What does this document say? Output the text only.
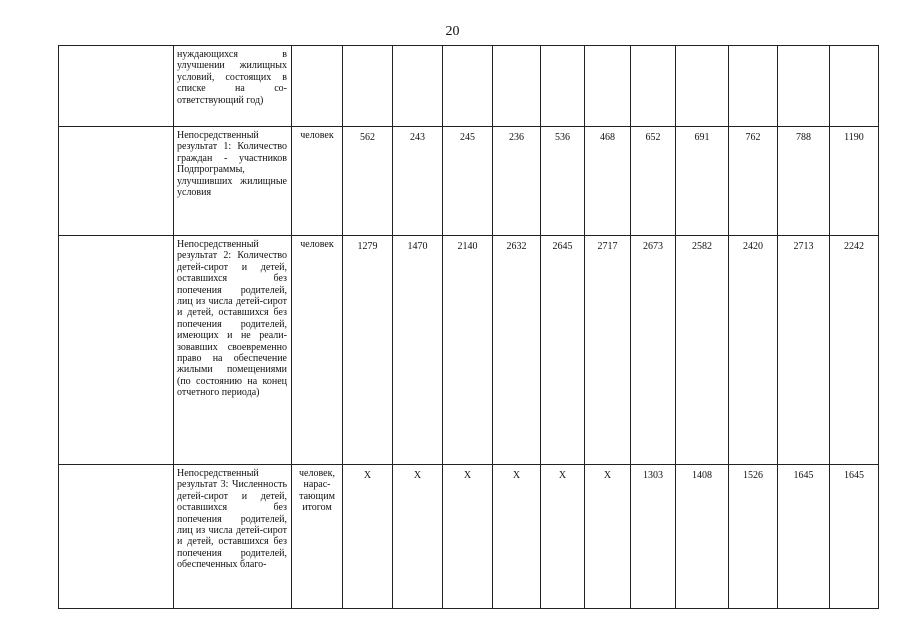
20
	нуждающихся в улучшении жилищных условий, состоящих в списке на соответствующий год)												
	Непосредственный результат 1: Количество граждан - участников Подпрограммы, улучшивших жилищные условия	человек	562	243	245	236	536	468	652	691	762	788	1190
	Непосредственный результат 2: Количество детей-сирот и детей, оставшихся без попечения родителей, лиц из числа детей-сирот и детей, оставшихся без попечения родителей, имеющих и не реализовавших своевременно право на обеспечение жилыми помещениями (по состоянию на конец отчетного периода)	человек	1279	1470	2140	2632	2645	2717	2673	2582	2420	2713	2242
	Непосредственный результат 3: Численность детей-сирот и детей, оставшихся без попечения родителей, лиц из числа детей-сирот и детей, оставшихся без попечения родителей, обеспеченных благо-	человек, нарастающим итогом	X	X	X	X	X	X	1303	1408	1526	1645	1645
